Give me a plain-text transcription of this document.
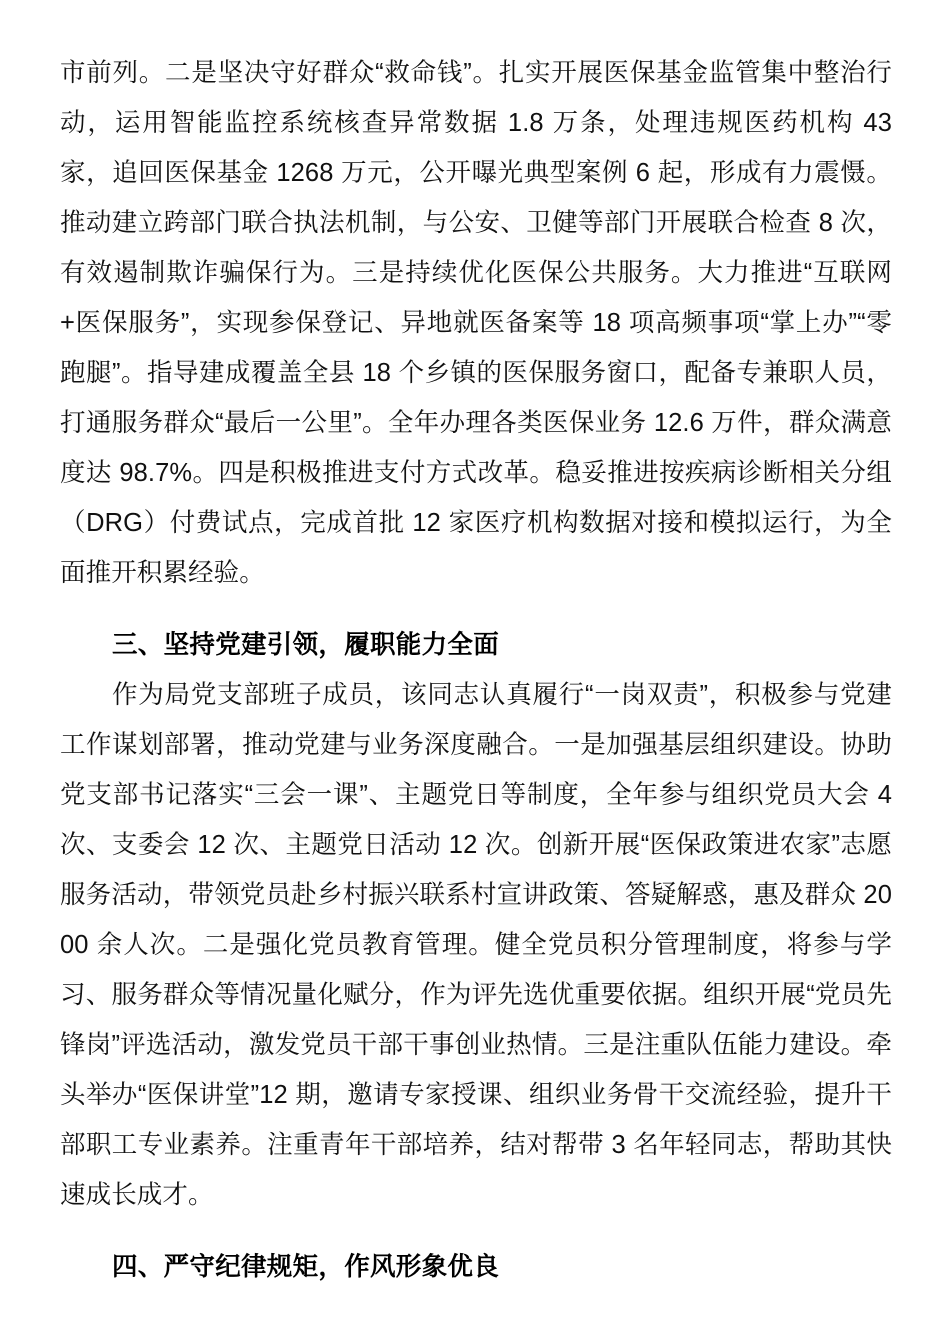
市前列。二是坚决守好群众“救命钱”。扎实开展医保基金监管集中整治行动，运用智能监控系统核查异常数据 1.8 万条，处理违规医药机构 43 家，追回医保基金 1268 万元，公开曝光典型案例 6 起，形成有力震慑。推动建立跨部门联合执法机制，与公安、卫健等部门开展联合检查 8 次，有效遏制欺诈骗保行为。三是持续优化医保公共服务。大力推进“互联网+医保服务”，实现参保登记、异地就医备案等 18 项高频事项“掌上办”“零跑腿”。指导建成覆盖全县 18 个乡镇的医保服务窗口，配备专兼职人员，打通服务群众“最后一公里”。全年办理各类医保业务 12.6 万件，群众满意度达 98.7%。四是积极推进支付方式改革。稳妥推进按疾病诊断相关分组（DRG）付费试点，完成首批 12 家医疗机构数据对接和模拟运行，为全面推开积累经验。

三、坚持党建引领，履职能力全面

作为局党支部班子成员，该同志认真履行“一岗双责”，积极参与党建工作谋划部署，推动党建与业务深度融合。一是加强基层组织建设。协助党支部书记落实“三会一课”、主题党日等制度，全年参与组织党员大会 4 次、支委会 12 次、主题党日活动 12 次。创新开展“医保政策进农家”志愿服务活动，带领党员赴乡村振兴联系村宣讲政策、答疑解惑，惠及群众 2000 余人次。二是强化党员教育管理。健全党员积分管理制度，将参与学习、服务群众等情况量化赋分，作为评先选优重要依据。组织开展“党员先锋岗”评选活动，激发党员干部干事创业热情。三是注重队伍能力建设。牵头举办“医保讲堂”12 期，邀请专家授课、组织业务骨干交流经验，提升干部职工专业素养。注重青年干部培养，结对帮带 3 名年轻同志，帮助其快速成长成才。

四、严守纪律规矩，作风形象优良
